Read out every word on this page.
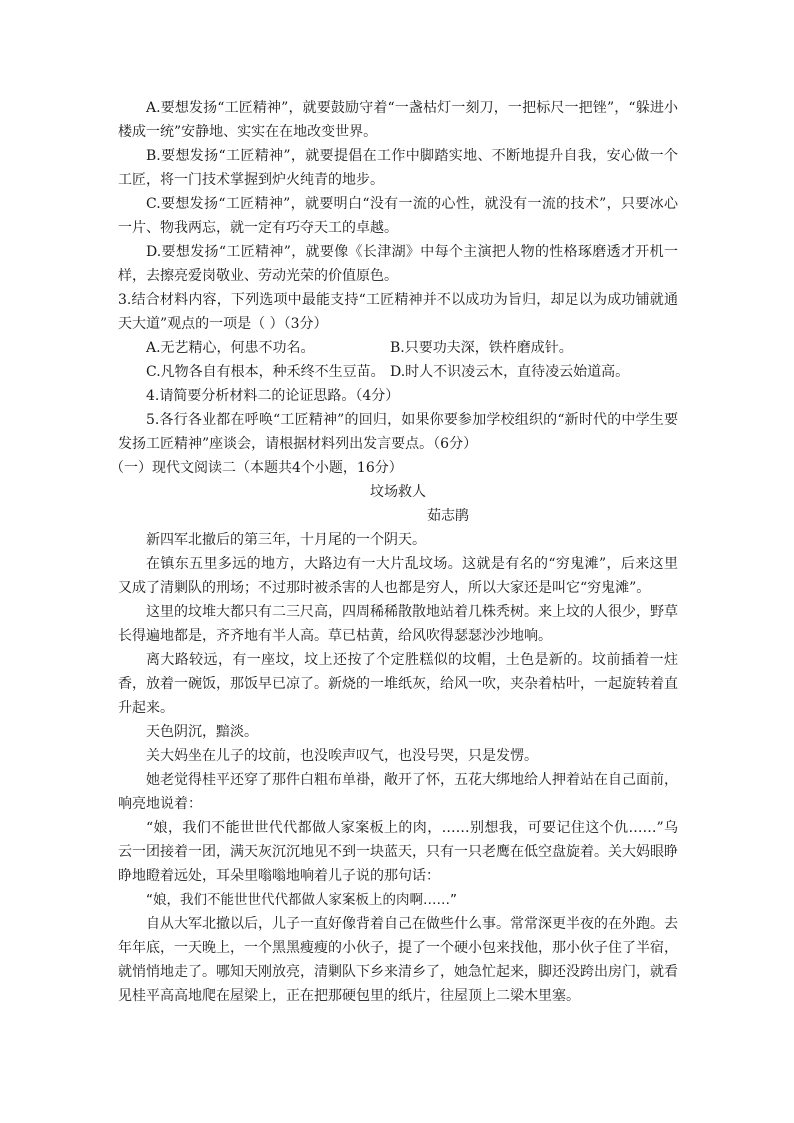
A.要想发扬“工匠精神”，就要鼓励守着“一盏枯灯一刻刀，一把标尺一把锉”，“躲进小楼成一统”安静地、实实在在地改变世界。

B.要想发扬“工匠精神”，就要提倡在工作中脚踏实地、不断地提升自我，安心做一个工匠，将一门技术掌握到炉火纯青的地步。

C.要想发扬“工匠精神”，就要明白“没有一流的心性，就没有一流的技术”，只要冰心一片、物我两忘，就一定有巧夺天工的卓越。

D.要想发扬“工匠精神”，就要像《长津湖》中每个主演把人物的性格琢磨透才开机一样，去擦亮爱岗敬业、劳动光荣的价值原色。

3.结合材料内容，下列选项中最能支持“工匠精神并不以成功为旨归，却足以为成功铺就通天大道”观点的一项是（ ）（3分）

A.无艺精心，何患不功名。	B.只要功夫深，铁杵磨成针。
C.凡物各自有根本，种禾终不生豆苗。 D.时人不识凌云木，直待凌云始道高。

4.请简要分析材料二的论证思路。（4分）

5.各行各业都在呼唤“工匠精神”的回归，如果你要参加学校组织的“新时代的中学生要发扬工匠精神”座谈会，请根据材料列出发言要点。（6分）

（一）现代文阅读二（本题共4个小题，16分）

坟场救人
茹志鹃

新四军北撤后的第三年，十月尾的一个阴天。

在镇东五里多远的地方，大路边有一大片乱坟场。这就是有名的“穷鬼滩”，后来这里又成了清剿队的刑场；不过那时被杀害的人也都是穷人，所以大家还是叫它“穷鬼滩”。

这里的坟堆大都只有二三尺高，四周稀稀散散地站着几株秃树。来上坟的人很少，野草长得遍地都是，齐齐地有半人高。草已枯黄，给风吹得瑟瑟沙沙地响。

离大路较远，有一座坟，坟上还按了个定胜糕似的坟帽，土色是新的。坟前插着一炷香，放着一碗饭，那饭早已凉了。新烧的一堆纸灰，给风一吹，夹杂着枯叶，一起旋转着直升起来。

天色阴沉，黯淡。

关大妈坐在儿子的坟前，也没唉声叹气，也没号哭，只是发愣。

她老觉得桂平还穿了那件白粗布单褂，敞开了怀，五花大绑地给人押着站在自己面前，响亮地说着：

“娘，我们不能世世代代都做人家案板上的肉，……别想我，可要记住这个仇……”乌云一团接着一团，满天灰沉沉地见不到一块蓝天，只有一只老鹰在低空盘旋着。关大妈眼睁睁地瞪着远处，耳朵里嗡嗡地响着儿子说的那句话：

“娘，我们不能世世代代都做人家案板上的肉啊……”

自从大军北撤以后，儿子一直好像背着自己在做些什么事。常常深更半夜的在外跑。去年年底，一天晚上，一个黑黑瘦瘦的小伙子，提了一个硬小包来找他，那小伙子住了半宿，就悄悄地走了。哪知天刚放亮，清剿队下乡来清乡了，她急忙起来，脚还没跨出房门，就看见桂平高高地爬在屋梁上，正在把那硬包里的纸片，往屋顶上二梁木里塞。
